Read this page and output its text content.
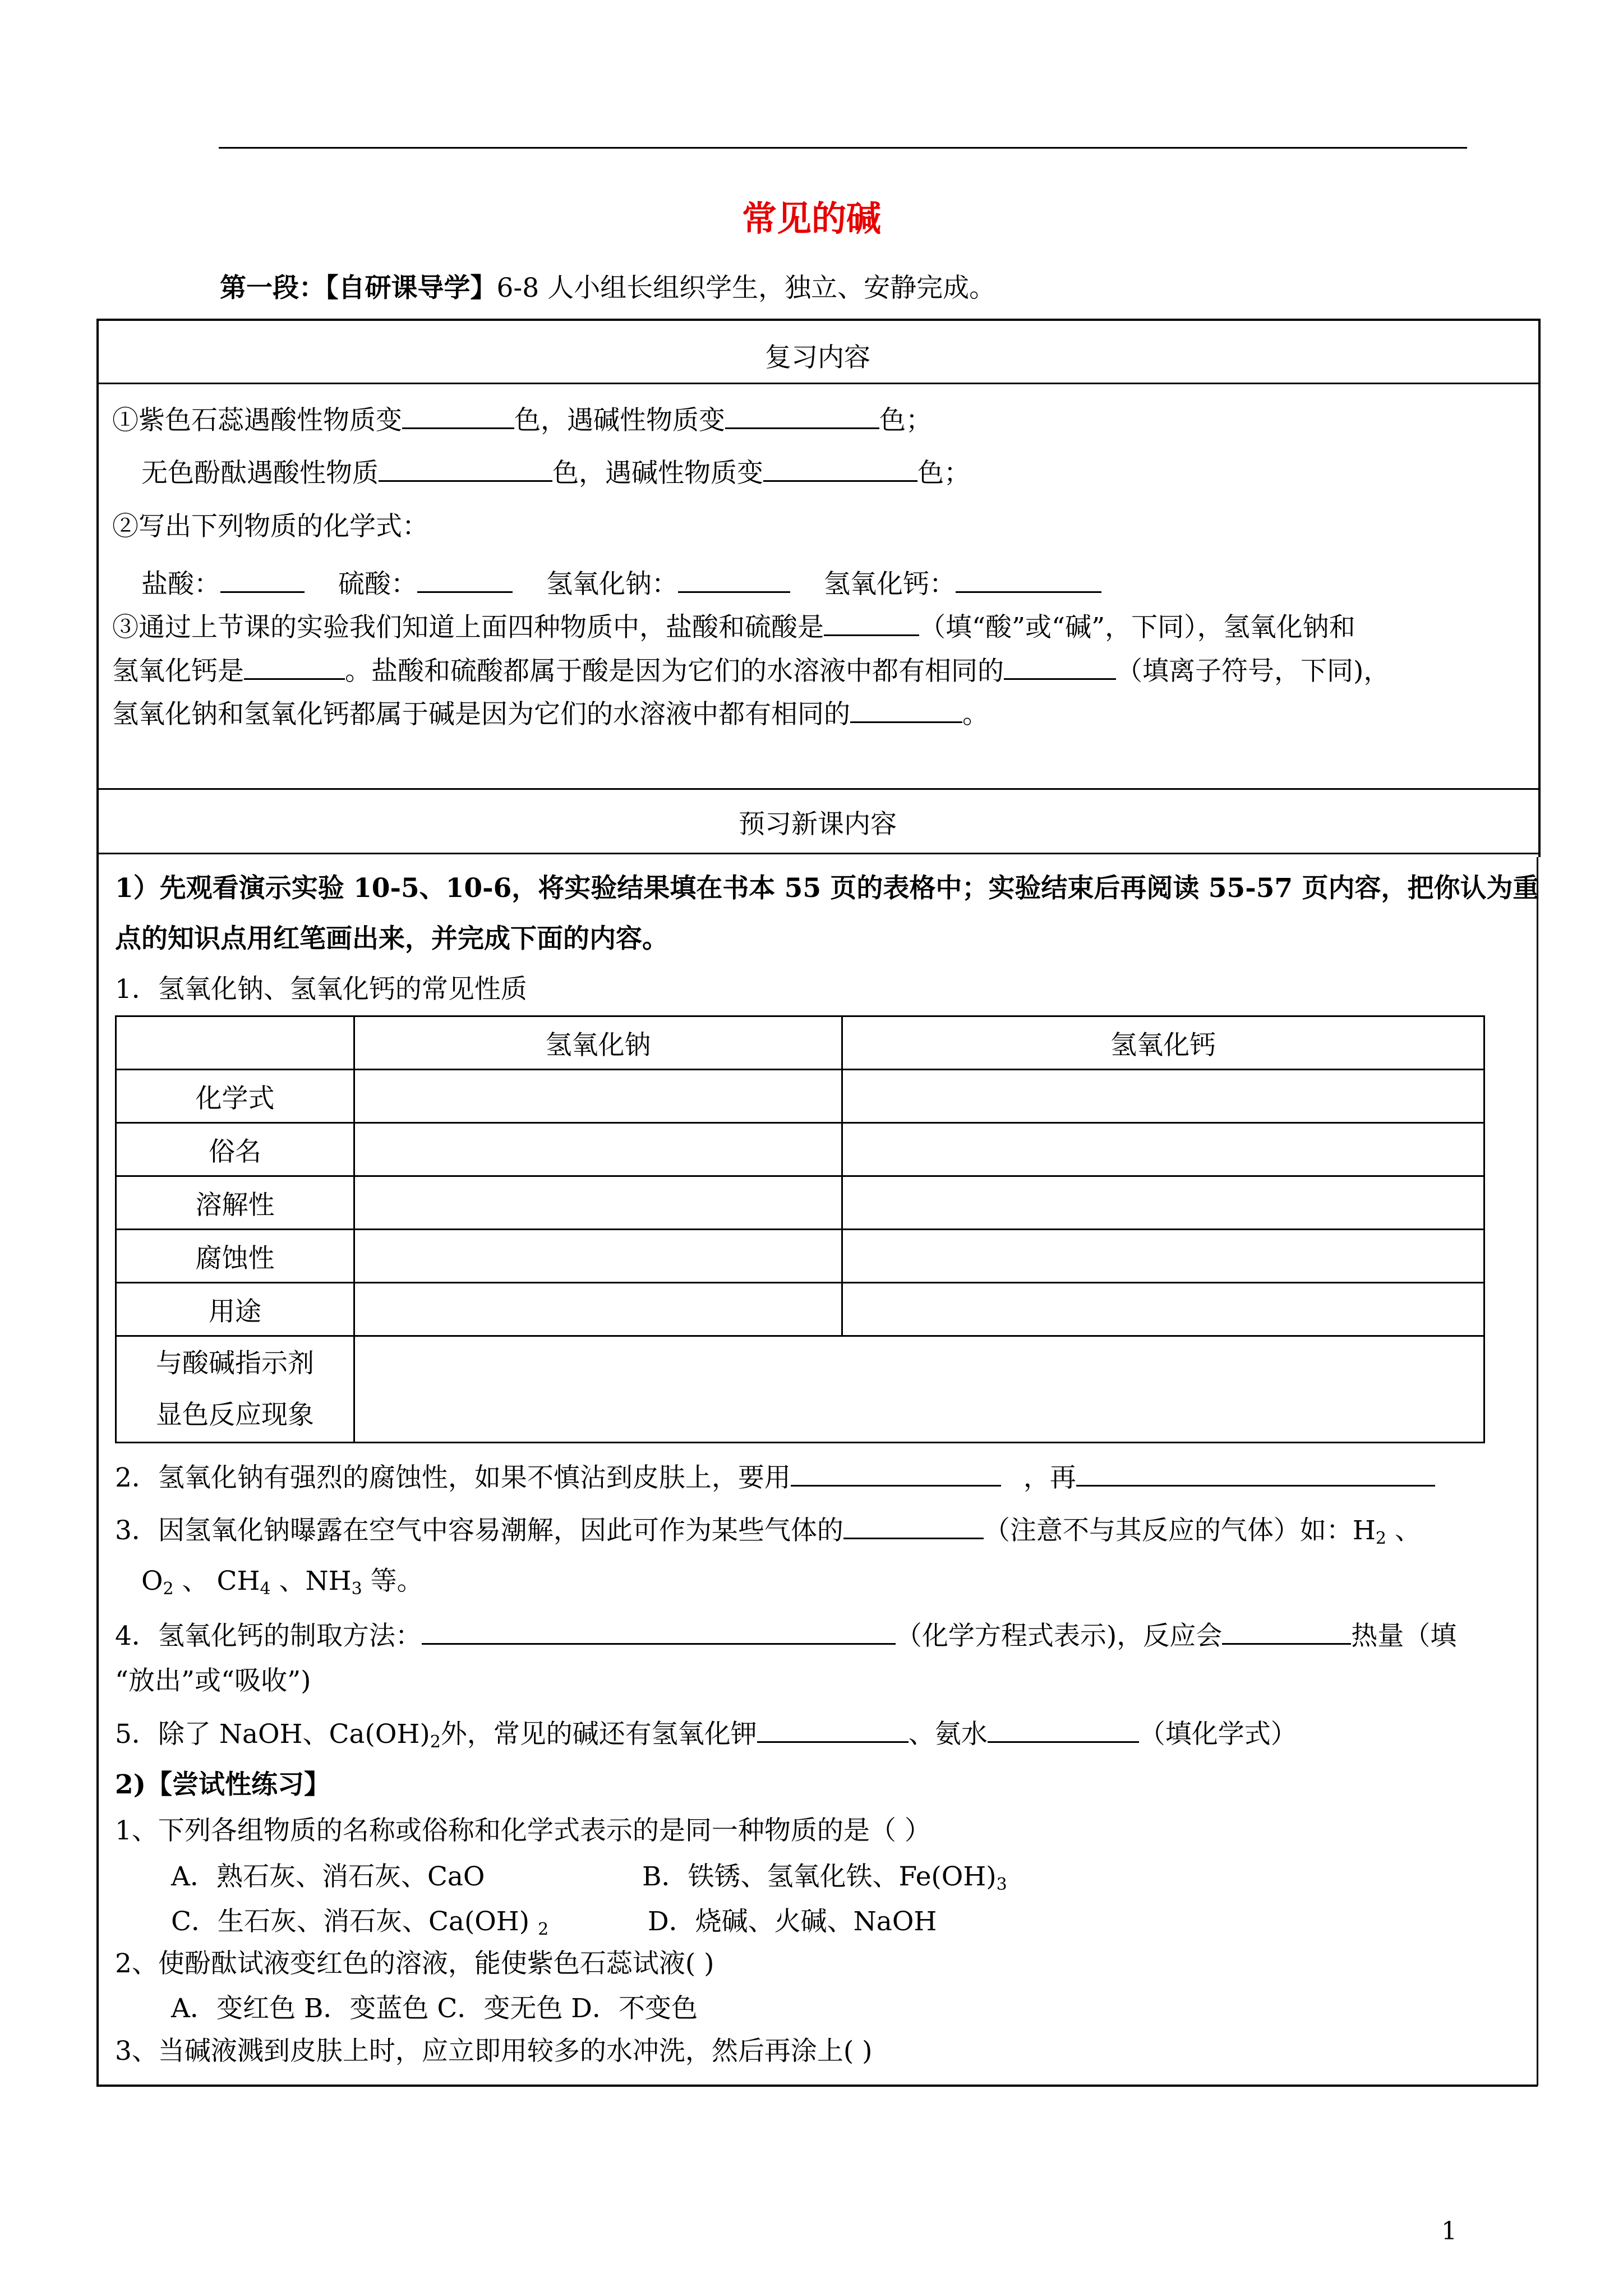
常见的碱
第一段：【自研课导学】6-8 人小组长组织学生，独立、安静完成。
复习内容
①紫色石蕊遇酸性物质变	色，遇碱性物质变	色；
无色酚酞遇酸性物质	色，遇碱性物质变	色；
②写出下列物质的化学式：
盐酸：	硫酸：	氢氧化钠：	氢氧化钙：
③通过上节课的实验我们知道上面四种物质中，盐酸和硫酸是	（填“酸”或“碱”，下同），氢氧化钠和
氢氧化钙是	。盐酸和硫酸都属于酸是因为它们的水溶液中都有相同的	（填离子符号，下同)，
氢氧化钠和氢氧化钙都属于碱是因为它们的水溶液中都有相同的	。
预习新课内容
1）先观看演示实验 10-5、10-6，将实验结果填在书本 55 页的表格中；实验结束后再阅读 55-57 页内容，把你认为重
点的知识点用红笔画出来，并完成下面的内容。
1．氢氧化钠、氢氧化钙的常见性质
	氢氧化钠	氢氧化钙
化学式		
俗名		
溶解性		
腐蚀性		
用途		

与酸碱指示剂
显色反应现象		

2．氢氧化钠有强烈的腐蚀性，如果不慎沾到皮肤上，要用	，再
3．因氢氧化钠曝露在空气中容易潮解，因此可作为某些气体的	（注意不与其反应的气体）如：$H_2$ 、
$O_2$ 、 $CH_4$ 、$NH_3$ 等。
4．氢氧化钙的制取方法：	（化学方程式表示)，反应会	热量（填
“放出”或“吸收”)
5．除了 NaOH、$Ca(OH)_2$外，常见的碱还有氢氧化钾	、氨水	（填化学式）
2)【尝试性练习】
1、下列各组物质的名称或俗称和化学式表示的是同一种物质的是（ ）
A．熟石灰、消石灰、CaO	B．铁锈、氢氧化铁、$Fe(OH)_3$
C．生石灰、消石灰、Ca(OH) $_2$	D．烧碱、火碱、NaOH
2、使酚酞试液变红色的溶液，能使紫色石蕊试液( )
A．变红色 B．变蓝色 C．变无色 D．不变色
3、当碱液溅到皮肤上时，应立即用较多的水冲洗，然后再涂上( )
1
